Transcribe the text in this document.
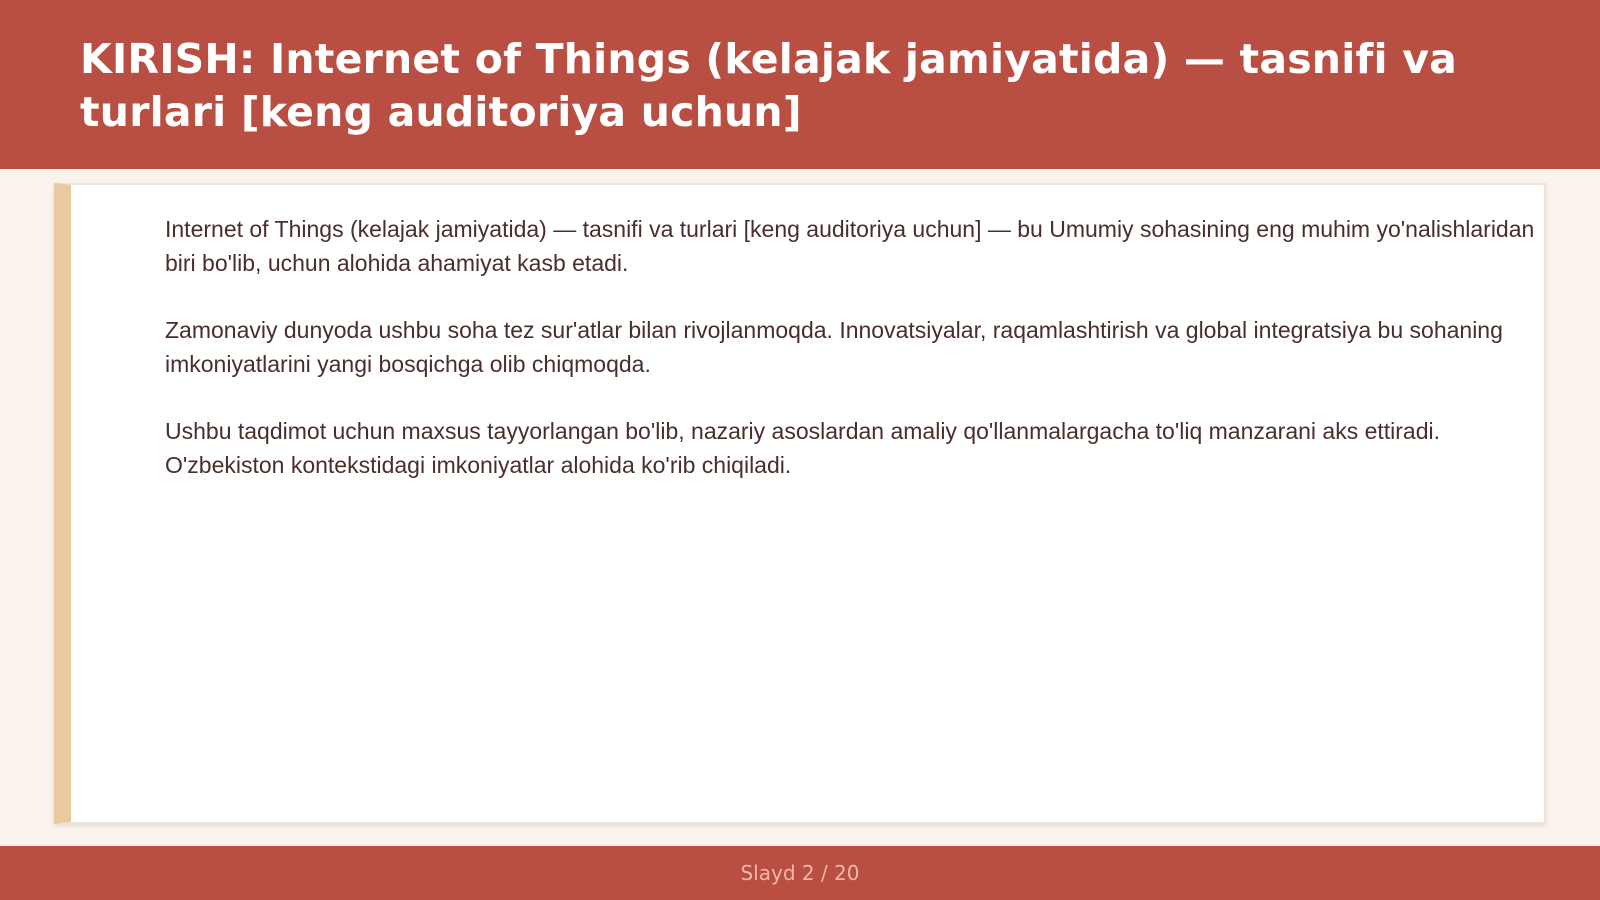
KIRISH: Internet of Things (kelajak jamiyatida) — tasnifi va turlari [keng auditoriya uchun]

Internet of Things (kelajak jamiyatida) — tasnifi va turlari [keng auditoriya uchun] — bu Umumiy sohasining eng muhim yo'nalishlaridan biri bo'lib, uchun alohida ahamiyat kasb etadi.

Zamonaviy dunyoda ushbu soha tez sur'atlar bilan rivojlanmoqda. Innovatsiyalar, raqamlashtirish va global integratsiya bu sohaning imkoniyatlarini yangi bosqichga olib chiqmoqda.

Ushbu taqdimot uchun maxsus tayyorlangan bo'lib, nazariy asoslardan amaliy qo'llanmalargacha to'liq manzarani aks ettiradi. O'zbekiston kontekstidagi imkoniyatlar alohida ko'rib chiqiladi.

Slayd 2 / 20
